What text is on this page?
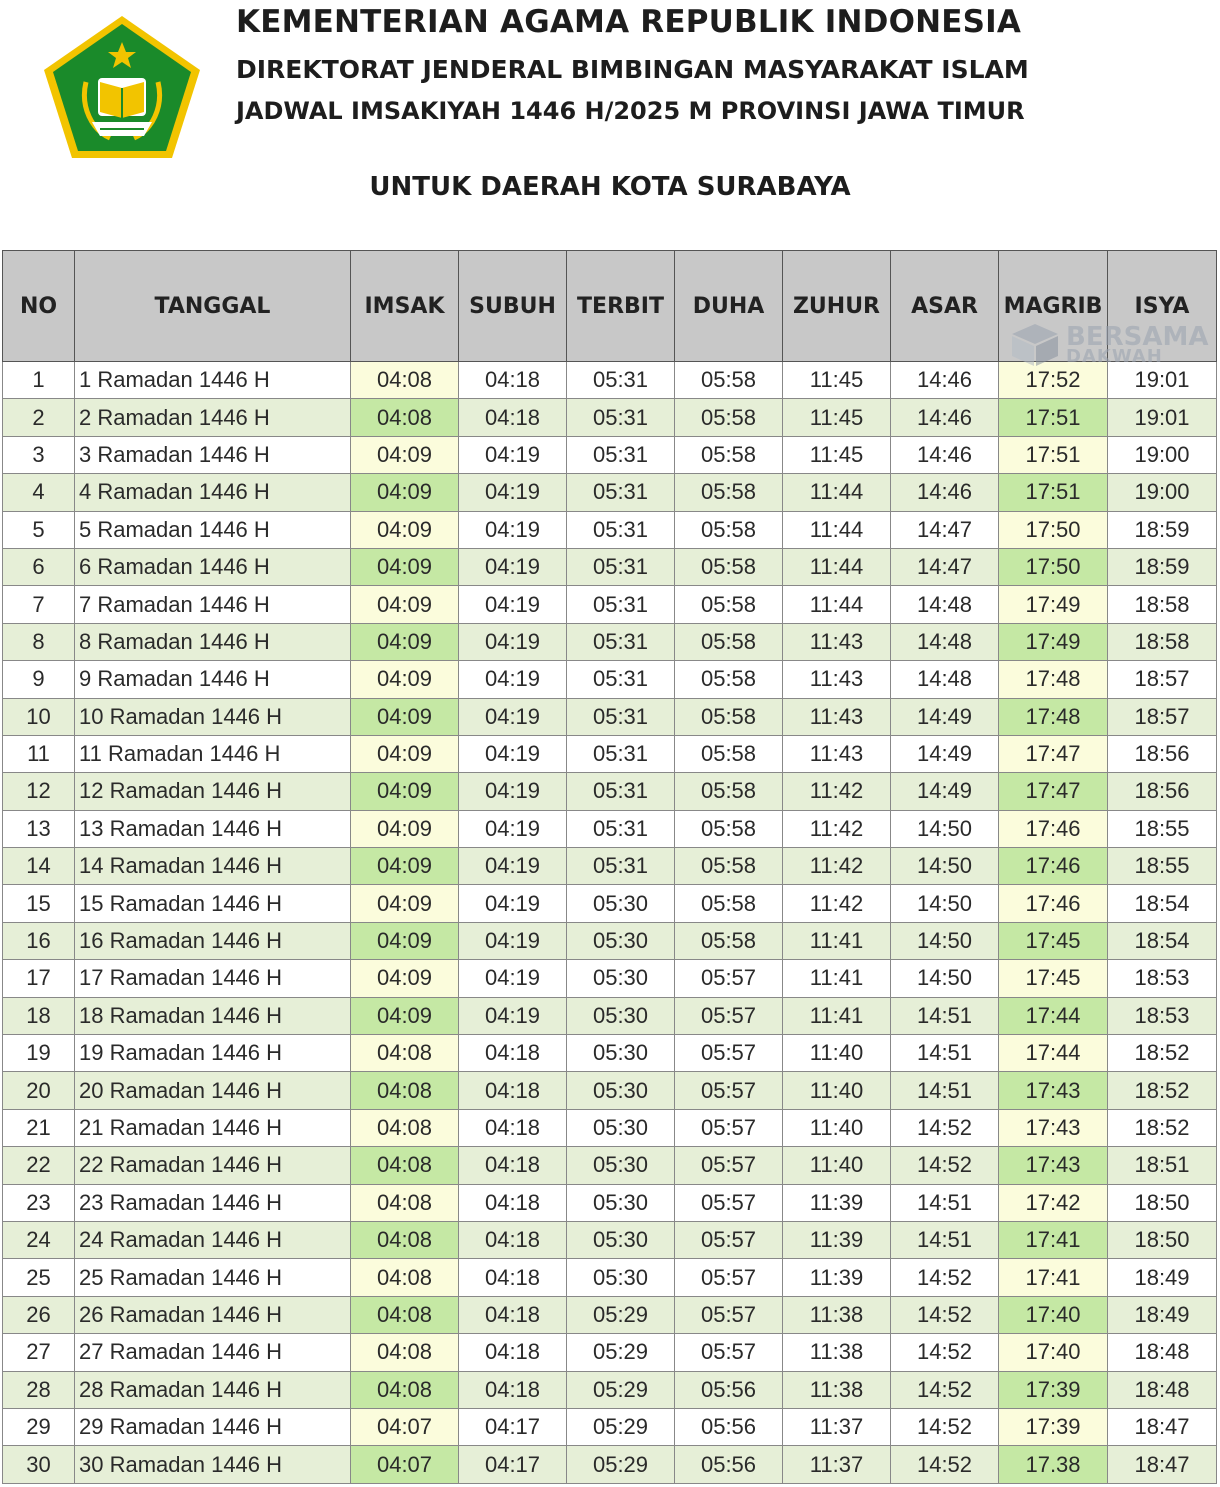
KEMENTERIAN AGAMA REPUBLIK INDONESIA

DIREKTORAT JENDERAL BIMBINGAN MASYARAKAT ISLAM

JADWAL IMSAKIYAH 1446 H/2025 M PROVINSI JAWA TIMUR

UNTUK DAERAH KOTA SURABAYA

NO	TANGGAL	IMSAK	SUBUH	TERBIT	DUHA	ZUHUR	ASAR	MAGRIB	ISYA
1	1 Ramadan 1446 H	04:08	04:18	05:31	05:58	11:45	14:46	17:52	19:01
2	2 Ramadan 1446 H	04:08	04:18	05:31	05:58	11:45	14:46	17:51	19:01
3	3 Ramadan 1446 H	04:09	04:19	05:31	05:58	11:45	14:46	17:51	19:00
4	4 Ramadan 1446 H	04:09	04:19	05:31	05:58	11:44	14:46	17:51	19:00
5	5 Ramadan 1446 H	04:09	04:19	05:31	05:58	11:44	14:47	17:50	18:59
6	6 Ramadan 1446 H	04:09	04:19	05:31	05:58	11:44	14:47	17:50	18:59
7	7 Ramadan 1446 H	04:09	04:19	05:31	05:58	11:44	14:48	17:49	18:58
8	8 Ramadan 1446 H	04:09	04:19	05:31	05:58	11:43	14:48	17:49	18:58
9	9 Ramadan 1446 H	04:09	04:19	05:31	05:58	11:43	14:48	17:48	18:57
10	10 Ramadan 1446 H	04:09	04:19	05:31	05:58	11:43	14:49	17:48	18:57
11	11 Ramadan 1446 H	04:09	04:19	05:31	05:58	11:43	14:49	17:47	18:56
12	12 Ramadan 1446 H	04:09	04:19	05:31	05:58	11:42	14:49	17:47	18:56
13	13 Ramadan 1446 H	04:09	04:19	05:31	05:58	11:42	14:50	17:46	18:55
14	14 Ramadan 1446 H	04:09	04:19	05:31	05:58	11:42	14:50	17:46	18:55
15	15 Ramadan 1446 H	04:09	04:19	05:30	05:58	11:42	14:50	17:46	18:54
16	16 Ramadan 1446 H	04:09	04:19	05:30	05:58	11:41	14:50	17:45	18:54
17	17 Ramadan 1446 H	04:09	04:19	05:30	05:57	11:41	14:50	17:45	18:53
18	18 Ramadan 1446 H	04:09	04:19	05:30	05:57	11:41	14:51	17:44	18:53
19	19 Ramadan 1446 H	04:08	04:18	05:30	05:57	11:40	14:51	17:44	18:52
20	20 Ramadan 1446 H	04:08	04:18	05:30	05:57	11:40	14:51	17:43	18:52
21	21 Ramadan 1446 H	04:08	04:18	05:30	05:57	11:40	14:52	17:43	18:52
22	22 Ramadan 1446 H	04:08	04:18	05:30	05:57	11:40	14:52	17:43	18:51
23	23 Ramadan 1446 H	04:08	04:18	05:30	05:57	11:39	14:51	17:42	18:50
24	24 Ramadan 1446 H	04:08	04:18	05:30	05:57	11:39	14:51	17:41	18:50
25	25 Ramadan 1446 H	04:08	04:18	05:30	05:57	11:39	14:52	17:41	18:49
26	26 Ramadan 1446 H	04:08	04:18	05:29	05:57	11:38	14:52	17:40	18:49
27	27 Ramadan 1446 H	04:08	04:18	05:29	05:57	11:38	14:52	17:40	18:48
28	28 Ramadan 1446 H	04:08	04:18	05:29	05:56	11:38	14:52	17:39	18:48
29	29 Ramadan 1446 H	04:07	04:17	05:29	05:56	11:37	14:52	17:39	18:47
30	30 Ramadan 1446 H	04:07	04:17	05:29	05:56	11:37	14:52	17.38	18:47
BERSAMA
DAKWAH
